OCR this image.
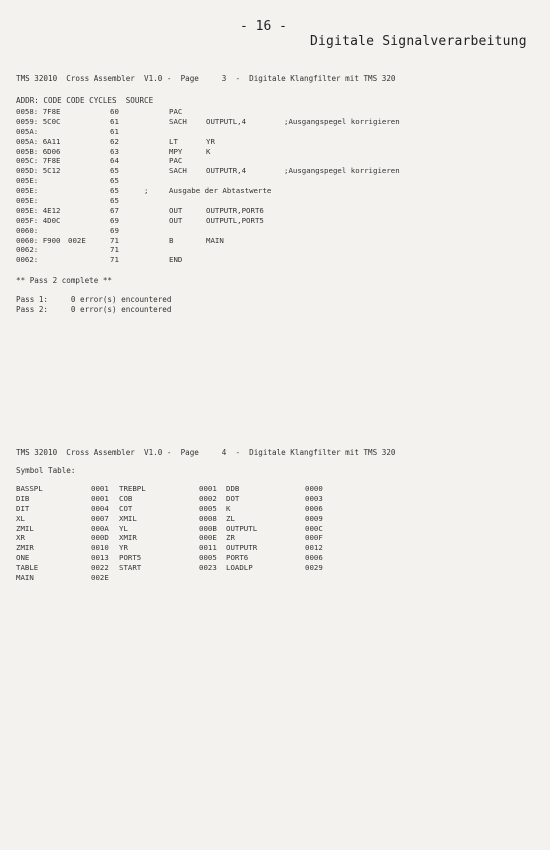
- 16 -

Digitale Signalverarbeitung

TMS 32010  Cross Assembler  V1.0 -  Page     3  -  Digitale Klangfilter mit TMS 320
ADDR: CODE CODE CYCLES  SOURCE
0058: 7F8E	60	PAC
0059: 5C0C	61	SACH	OUTPUTL,4	;Ausgangspegel korrigieren
005A:	61
005A: 6A11	62	LT	YR
005B: 6D06	63	MPY	K
005C: 7F8E	64	PAC
005D: 5C12	65	SACH	OUTPUTR,4	;Ausgangspegel korrigieren
005E:	65
005E:	65	;	Ausgabe der Abtastwerte
005E:	65
005E: 4E12	67	OUT	OUTPUTR,PORT6
005F: 4D0C	69	OUT	OUTPUTL,PORT5
0060:	69
0060: F900 002E	71	B	MAIN
0062:	71
0062:	71	END
** Pass 2 complete **
Pass 1:     0 error(s) encountered
Pass 2:     0 error(s) encountered
TMS 32010  Cross Assembler  V1.0 -  Page     4  -  Digitale Klangfilter mit TMS 320
Symbol Table:
BASSPL	0001 TREBPL	0001 DDB	0000
DIB	0001 COB	0002 DOT	0003
DIT	0004 COT	0005 K	0006
XL	0007 XMIL	0008 ZL	0009
ZMIL	000A YL	000B OUTPUTL	000C
XR	000D XMIR	000E ZR	000F
ZMIR	0010 YR	0011 OUTPUTR	0012
ONE	0013 PORT5	0005 PORT6	0006
TABLE	0022 START	0023 LOADLP	0029
MAIN	002E
